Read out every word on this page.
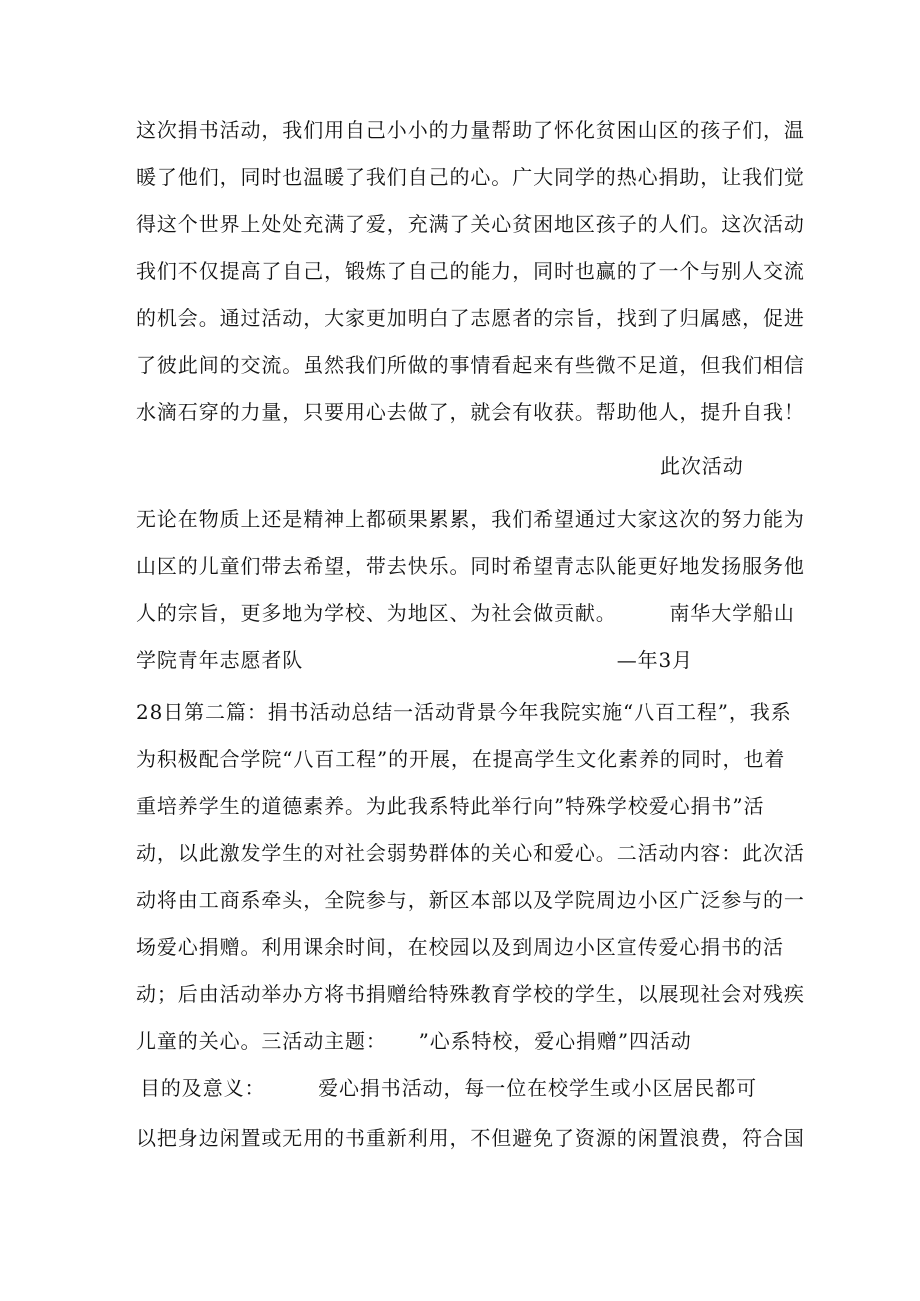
这次捐书活动，我们用自己小小的力量帮助了怀化贫困山区的孩子们，温
暖了他们，同时也温暖了我们自己的心。广大同学的热心捐助，让我们觉
得这个世界上处处充满了爱，充满了关心贫困地区孩子的人们。这次活动
我们不仅提高了自己，锻炼了自己的能力，同时也赢的了一个与别人交流
的机会。通过活动，大家更加明白了志愿者的宗旨，找到了归属感，促进
了彼此间的交流。虽然我们所做的事情看起来有些微不足道，但我们相信
水滴石穿的力量，只要用心去做了，就会有收获。帮助他人，提升自我！
此次活动
无论在物质上还是精神上都硕果累累，我们希望通过大家这次的努力能为
山区的儿童们带去希望，带去快乐。同时希望青志队能更好地发扬服务他
人的宗旨，更多地为学校、为地区、为社会做贡献。　　　南华大学船山
学院青年志愿者队　　　　　　　　　　　　　　　—年3月
28日第二篇：捐书活动总结一活动背景今年我院实施“八百工程”，我系
为积极配合学院“八百工程”的开展，在提高学生文化素养的同时，也着
重培养学生的道德素养。为此我系特此举行向”特殊学校爱心捐书”活
动，以此激发学生的对社会弱势群体的关心和爱心。二活动内容：此次活
动将由工商系牵头，全院参与，新区本部以及学院周边小区广泛参与的一
场爱心捐赠。利用课余时间，在校园以及到周边小区宣传爱心捐书的活
动；后由活动举办方将书捐赠给特殊教育学校的学生，以展现社会对残疾
儿童的关心。三活动主题：　　”心系特校，爱心捐赠”四活动
目的及意义：　　　爱心捐书活动，每一位在校学生或小区居民都可
以把身边闲置或无用的书重新利用，不但避免了资源的闲置浪费，符合国
